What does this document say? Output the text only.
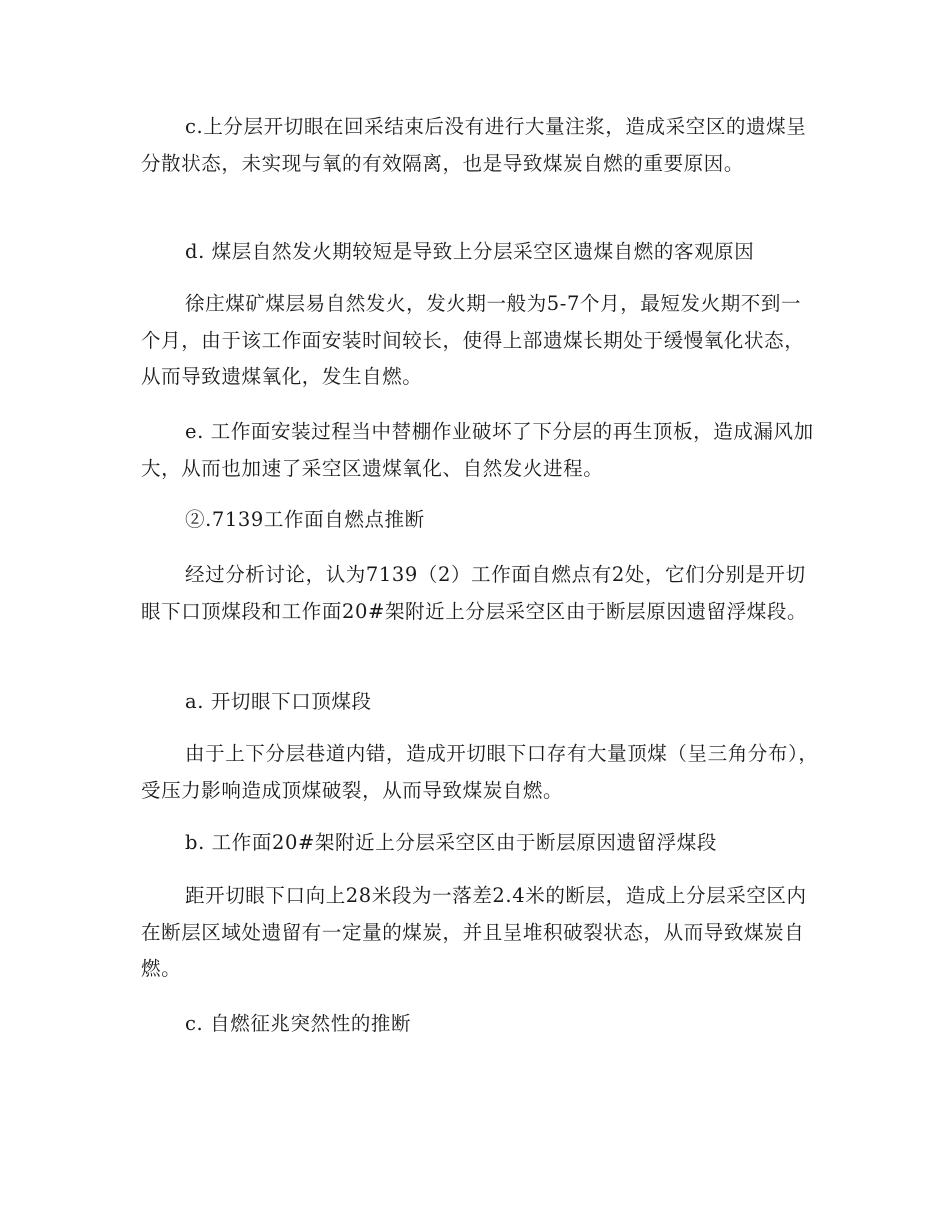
c.上分层开切眼在回采结束后没有进行大量注浆，造成采空区的遗煤呈分散状态，未实现与氧的有效隔离，也是导致煤炭自燃的重要原因。

d. 煤层自然发火期较短是导致上分层采空区遗煤自燃的客观原因

徐庄煤矿煤层易自然发火，发火期一般为5-7个月，最短发火期不到一个月，由于该工作面安装时间较长，使得上部遗煤长期处于缓慢氧化状态，从而导致遗煤氧化，发生自燃。

e. 工作面安装过程当中替棚作业破坏了下分层的再生顶板，造成漏风加大，从而也加速了采空区遗煤氧化、自然发火进程。

②.7139工作面自燃点推断

经过分析讨论，认为7139（2）工作面自燃点有2处，它们分别是开切眼下口顶煤段和工作面20#架附近上分层采空区由于断层原因遗留浮煤段。

a. 开切眼下口顶煤段

由于上下分层巷道内错，造成开切眼下口存有大量顶煤（呈三角分布），受压力影响造成顶煤破裂，从而导致煤炭自燃。

b. 工作面20#架附近上分层采空区由于断层原因遗留浮煤段

距开切眼下口向上28米段为一落差2.4米的断层，造成上分层采空区内在断层区域处遗留有一定量的煤炭，并且呈堆积破裂状态，从而导致煤炭自燃。

c. 自燃征兆突然性的推断
